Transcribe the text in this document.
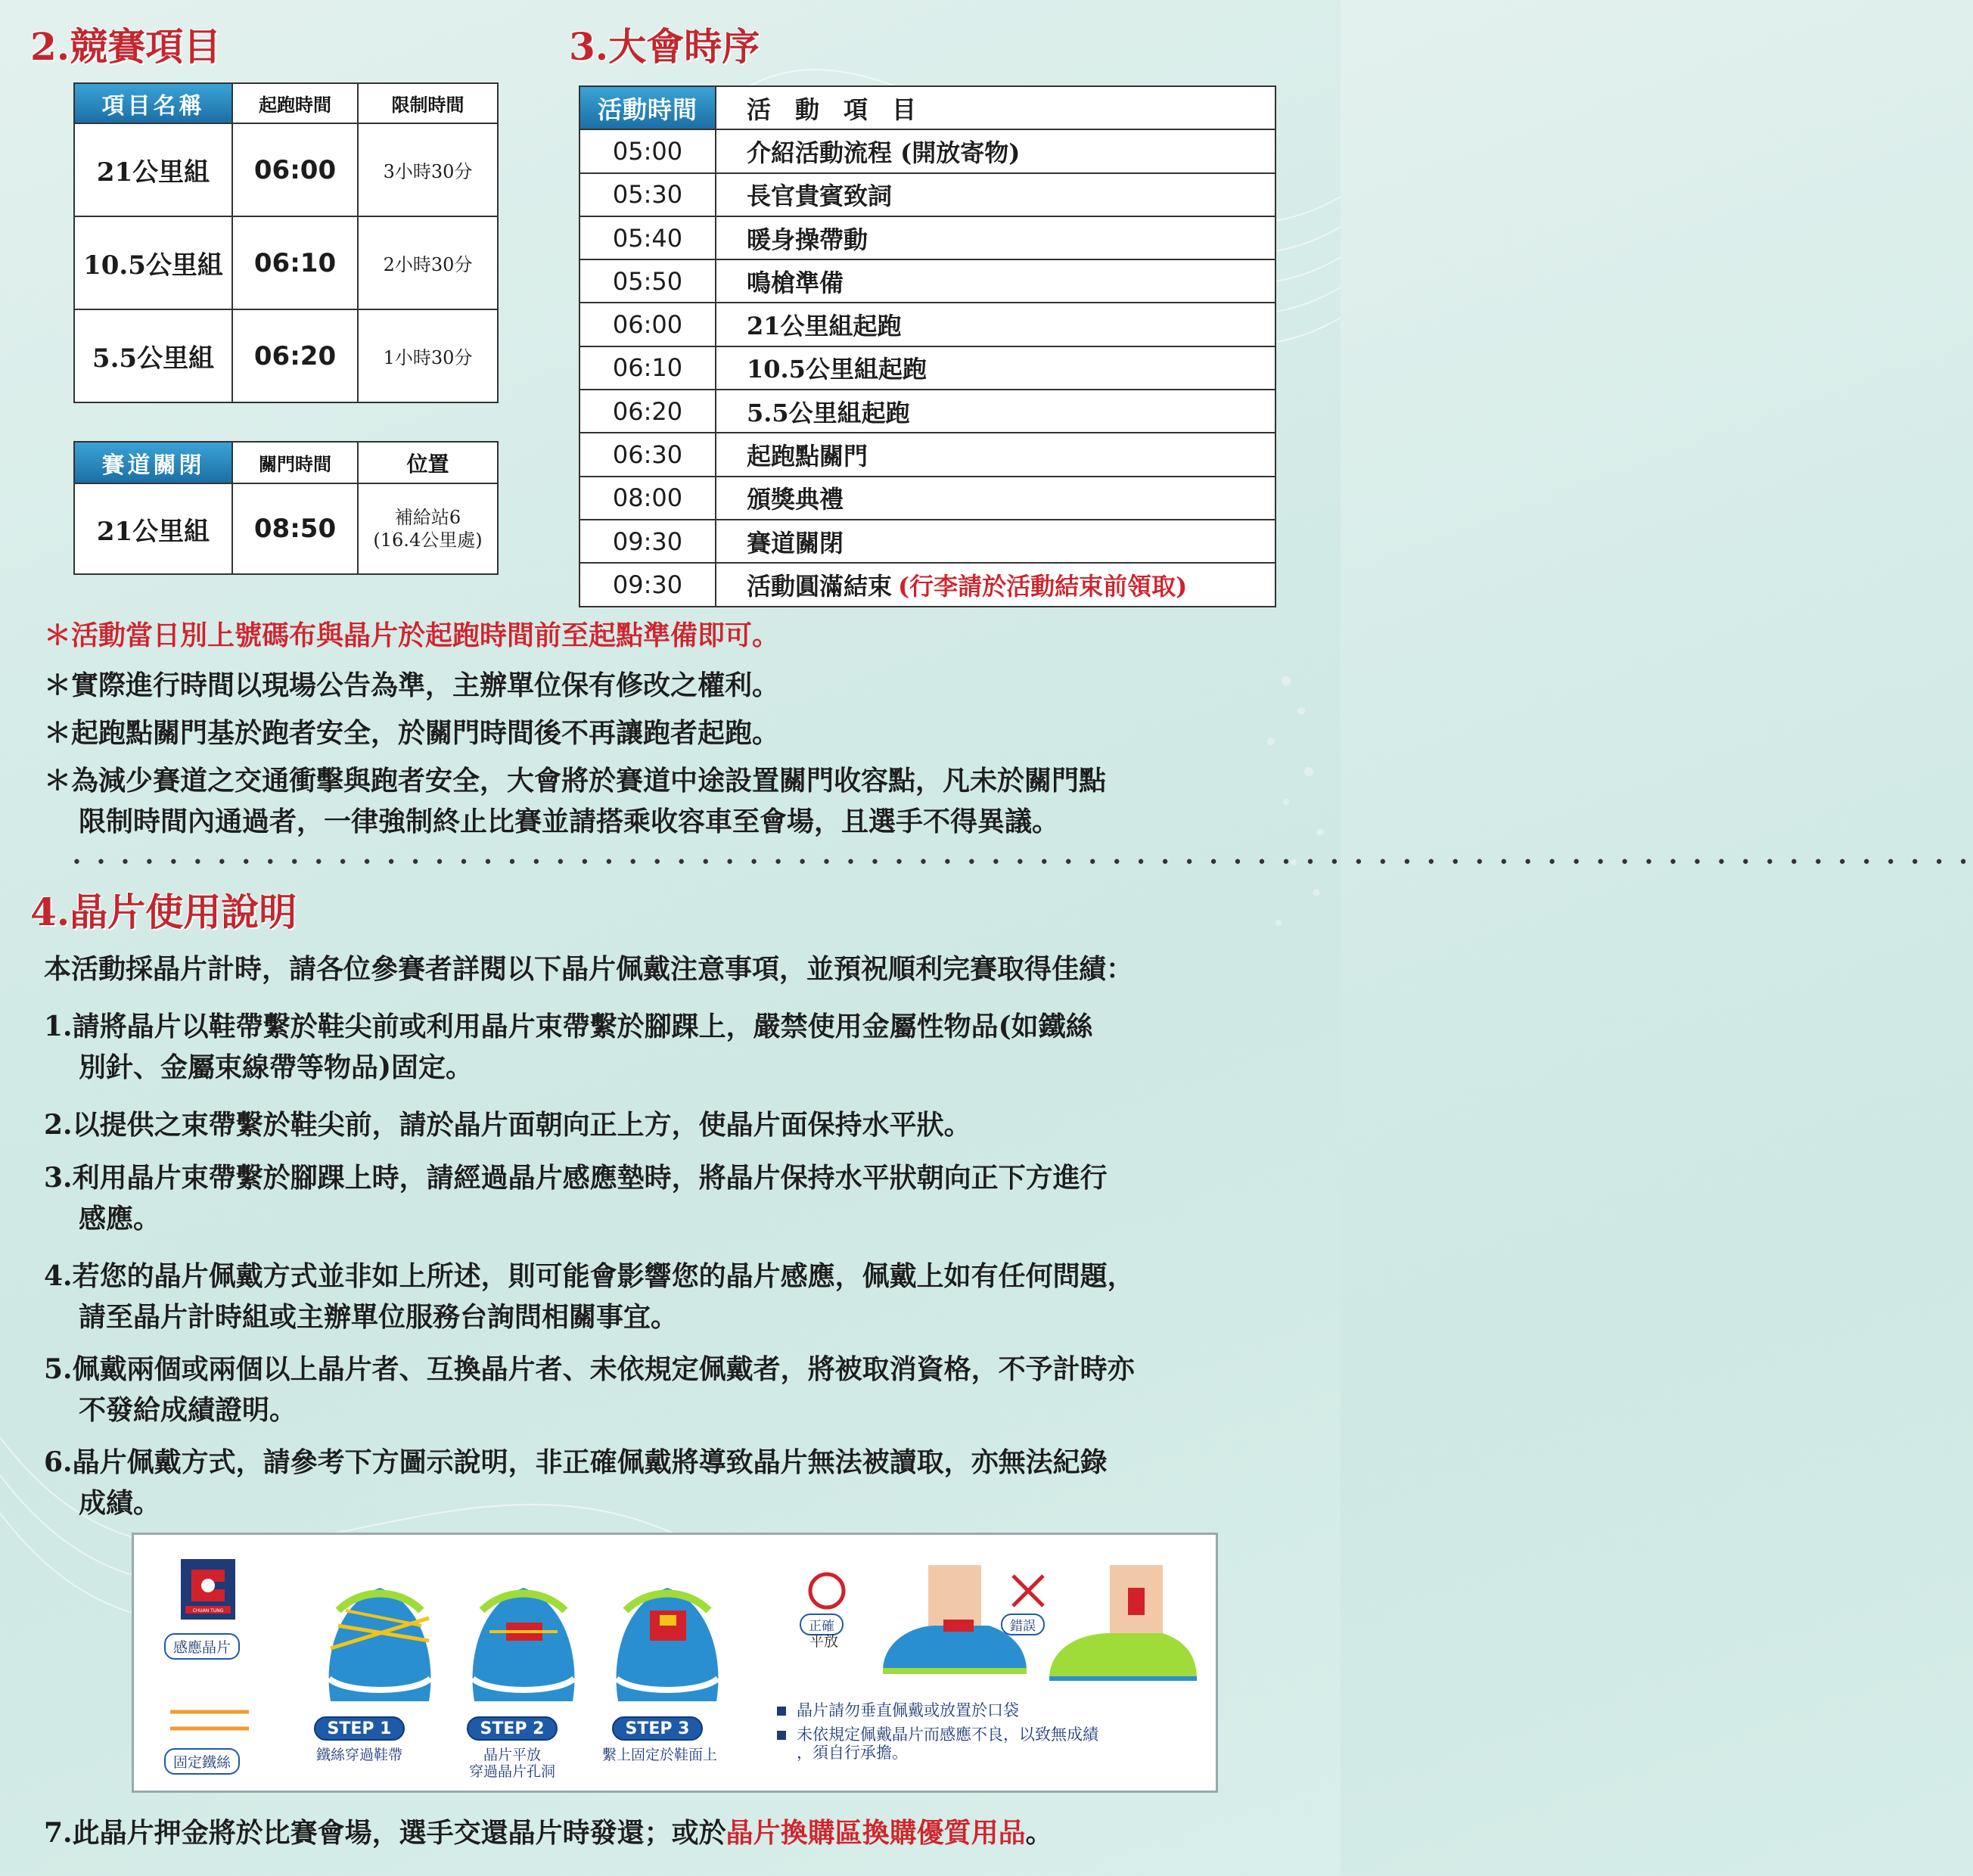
2.競賽項目
項目名稱	起跑時間	限制時間
21公里組	06:00	3小時30分
10.5公里組	06:10	2小時30分
5.5公里組	06:20	1小時30分
賽道關閉	關門時間	位置
21公里組	08:50	補給站6
(16.4公里處)
3.大會時序
活動時間	活　動　項　目
05:00	介紹活動流程 (開放寄物)
05:30	長官貴賓致詞
05:40	暖身操帶動
05:50	鳴槍準備
06:00	21公里組起跑
06:10	10.5公里組起跑
06:20	5.5公里組起跑
06:30	起跑點關門
08:00	頒獎典禮
09:30	賽道關閉
09:30	活動圓滿結束 (行李請於活動結束前領取)
＊活動當日別上號碼布與晶片於起跑時間前至起點準備即可。
＊實際進行時間以現場公告為準，主辦單位保有修改之權利。
＊起跑點關門基於跑者安全，於關門時間後不再讓跑者起跑。
＊為減少賽道之交通衝擊與跑者安全，大會將於賽道中途設置關門收容點，凡未於關門點
限制時間內通過者，一律強制終止比賽並請搭乘收容車至會場，且選手不得異議。
• • • • • • • • • • • • • • • • • • • • • • • • • • • • • • • • • • • • • • • • • • • • • • • • • • • • • • • • • • • • • • • • • • • • • • • • • • • • • • •
4.晶片使用說明
本活動採晶片計時，請各位參賽者詳閱以下晶片佩戴注意事項，並預祝順利完賽取得佳績：
1.請將晶片以鞋帶繫於鞋尖前或利用晶片束帶繫於腳踝上，嚴禁使用金屬性物品(如鐵絲
別針、金屬束線帶等物品)固定。
2.以提供之束帶繫於鞋尖前，請於晶片面朝向正上方，使晶片面保持水平狀。
3.利用晶片束帶繫於腳踝上時，請經過晶片感應墊時，將晶片保持水平狀朝向正下方進行
感應。
4.若您的晶片佩戴方式並非如上所述，則可能會影響您的晶片感應，佩戴上如有任何問題，
請至晶片計時組或主辦單位服務台詢問相關事宜。
5.佩戴兩個或兩個以上晶片者、互換晶片者、未依規定佩戴者，將被取消資格，不予計時亦
不發給成績證明。
6.晶片佩戴方式，請參考下方圖示說明，非正確佩戴將導致晶片無法被讀取，亦無法紀錄
成績。
CHUAN TUNG
感應晶片
固定鐵絲
STEP 1
鐵絲穿過鞋帶
STEP 2
晶片平放
穿過晶片孔洞
STEP 3
繫上固定於鞋面上
正確
平放
錯誤
晶片請勿垂直佩戴或放置於口袋
未依規定佩戴晶片而感應不良，以致無成績
，須自行承擔。
7.此晶片押金將於比賽會場，選手交還晶片時發還；或於晶片換購區換購優質用品。
